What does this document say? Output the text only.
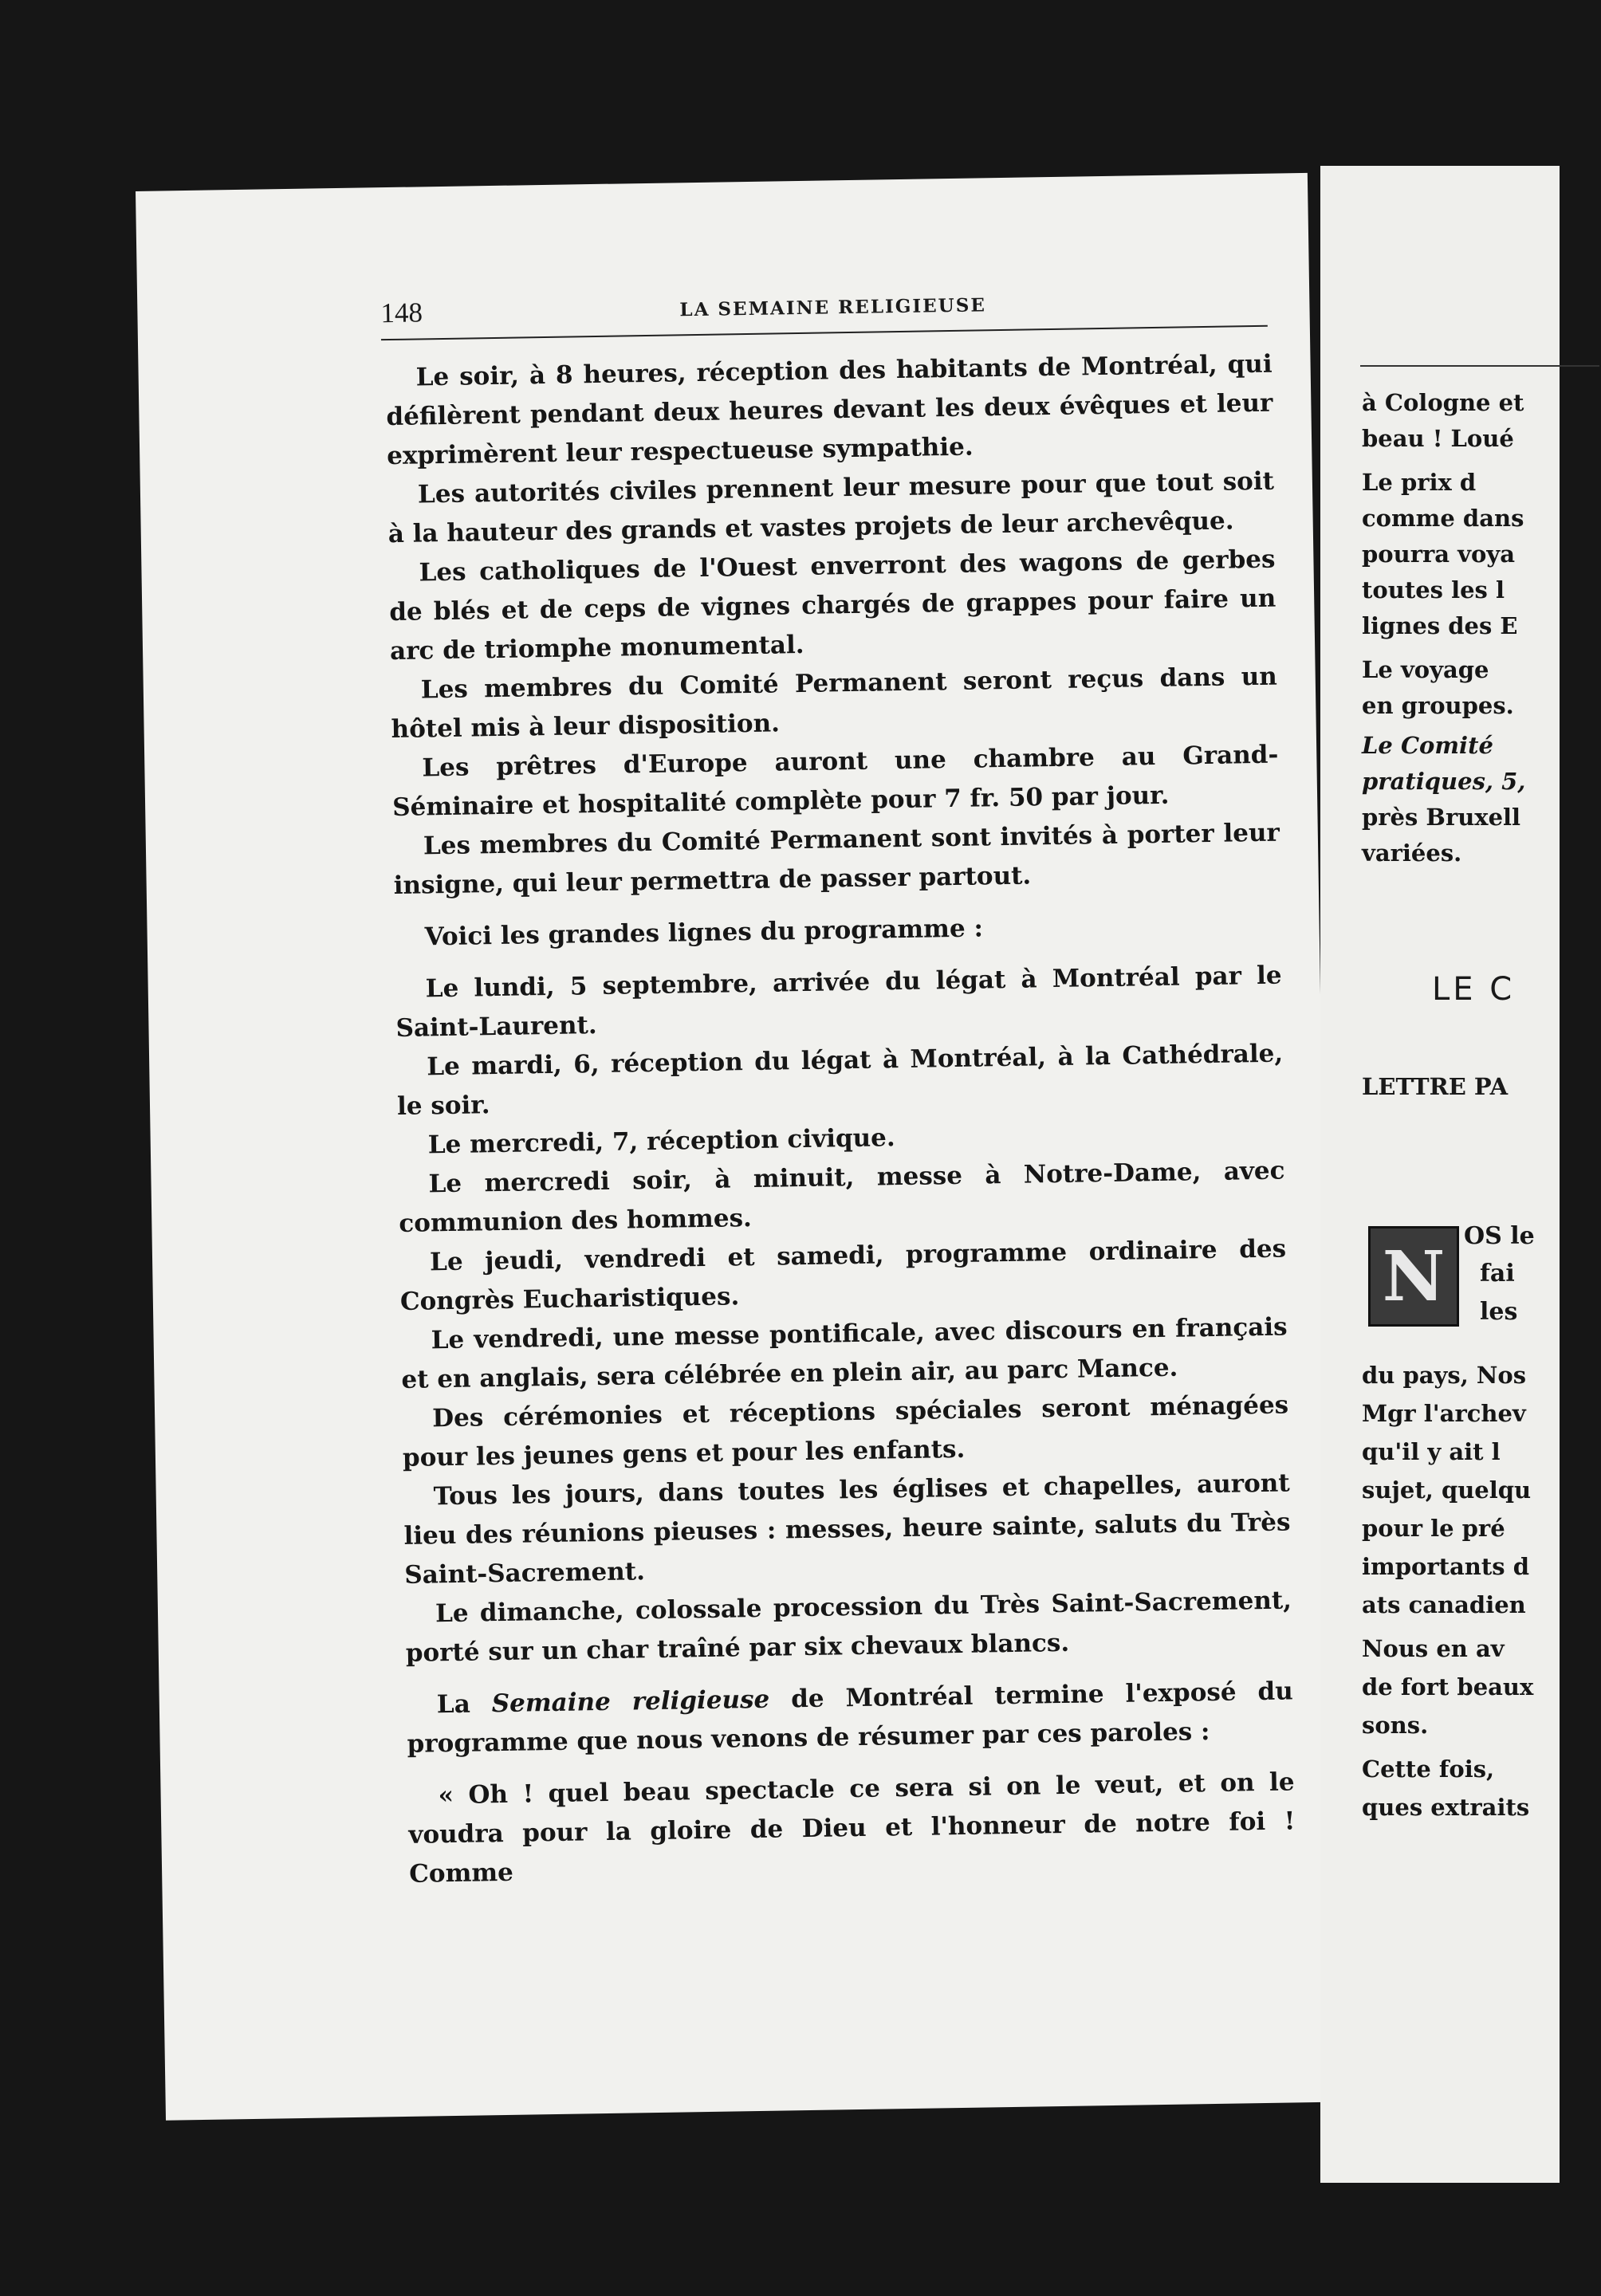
148	LA SEMAINE RELIGIEUSE

Le soir, à 8 heures, réception des habitants de Montréal, qui défilèrent pendant deux heures devant les deux évêques et leur exprimèrent leur respectueuse sympathie.

Les autorités civiles prennent leur mesure pour que tout soit à la hauteur des grands et vastes projets de leur archevêque.

Les catholiques de l'Ouest enverront des wagons de gerbes de blés et de ceps de vignes chargés de grappes pour faire un arc de triomphe monumental.

Les membres du Comité Permanent seront reçus dans un hôtel mis à leur disposition.

Les prêtres d'Europe auront une chambre au Grand-Séminaire et hospitalité complète pour 7 fr. 50 par jour.

Les membres du Comité Permanent sont invités à porter leur insigne, qui leur permettra de passer partout.

Voici les grandes lignes du programme :

Le lundi, 5 septembre, arrivée du légat à Montréal par le Saint-Laurent.

Le mardi, 6, réception du légat à Montréal, à la Cathédrale, le soir.

Le mercredi, 7, réception civique.

Le mercredi soir, à minuit, messe à Notre-Dame, avec communion des hommes.

Le jeudi, vendredi et samedi, programme ordinaire des Congrès Eucharistiques.

Le vendredi, une messe pontificale, avec discours en français et en anglais, sera célébrée en plein air, au parc Mance.

Des cérémonies et réceptions spéciales seront ménagées pour les jeunes gens et pour les enfants.

Tous les jours, dans toutes les églises et chapelles, auront lieu des réunions pieuses : messes, heure sainte, saluts du Très Saint-Sacrement.

Le dimanche, colossale procession du Très Saint-Sacrement, porté sur un char traîné par six chevaux blancs.

La Semaine religieuse de Montréal termine l'exposé du programme que nous venons de résumer par ces paroles :

« Oh ! quel beau spectacle ce sera si on le veut, et on le voudra pour la gloire de Dieu et l'honneur de notre foi ! Comme

à Cologne et
beau ! Loué
Le prix d
comme dans
pourra voya
toutes les l
lignes des E
Le voyage
en groupes.
Le Comité
pratiques, 5,
près Bruxell
variées.
LE C
LETTRE PA
N OS le
fai
les
du pays, Nos
Mgr l'archev
qu'il y ait l
sujet, quelqu
pour le pré
importants d
ats canadien
Nous en av
de fort beaux
sons.
Cette fois,
ques extraits
